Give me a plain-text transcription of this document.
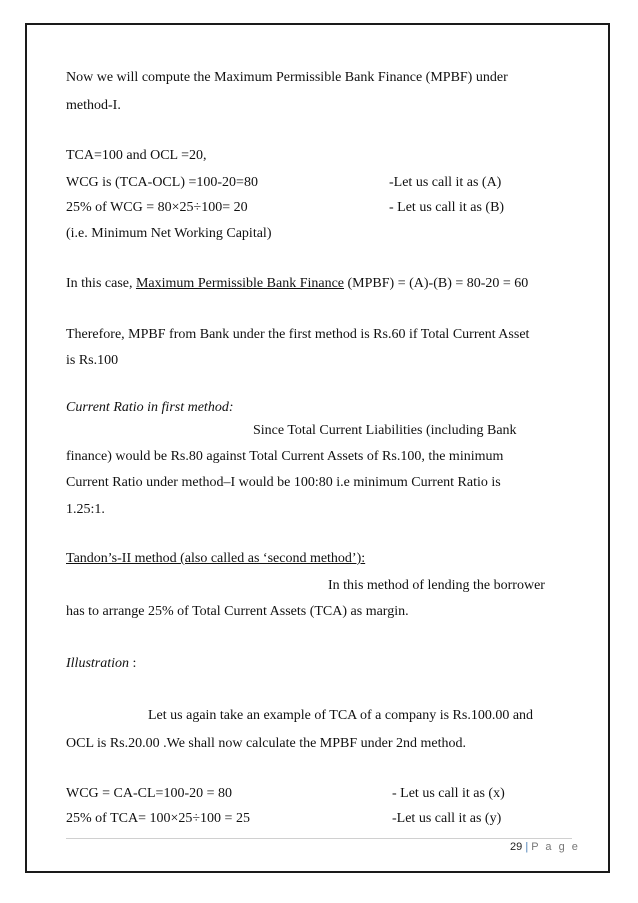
Now we will compute the Maximum Permissible Bank Finance (MPBF) under
method-I.
TCA=100 and OCL =20,
WCG is (TCA-OCL) =100-20=80	-Let us call it as (A)
25% of WCG = 80×25÷100= 20	- Let us call it as (B)
(i.e. Minimum Net Working Capital)
In this case, Maximum Permissible Bank Finance (MPBF) = (A)-(B) = 80-20 = 60
Therefore, MPBF from Bank under the first method is Rs.60 if Total Current Asset
is Rs.100
Current Ratio in first method:
Since Total Current Liabilities (including Bank
finance) would be Rs.80 against Total Current Assets of Rs.100, the minimum
Current Ratio under method–I would be 100:80 i.e minimum Current Ratio is
1.25:1.
Tandon’s-II method (also called as ‘second method’):
In this method of lending the borrower
has to arrange 25% of Total Current Assets (TCA) as margin.
Illustration :
Let us again take an example of TCA of a company is Rs.100.00 and
OCL is Rs.20.00 .We shall now calculate the MPBF under 2nd method.
WCG = CA-CL=100-20 = 80	- Let us call it as (x)
25% of TCA= 100×25÷100 = 25	-Let us call it as (y)
29 | P a g e
